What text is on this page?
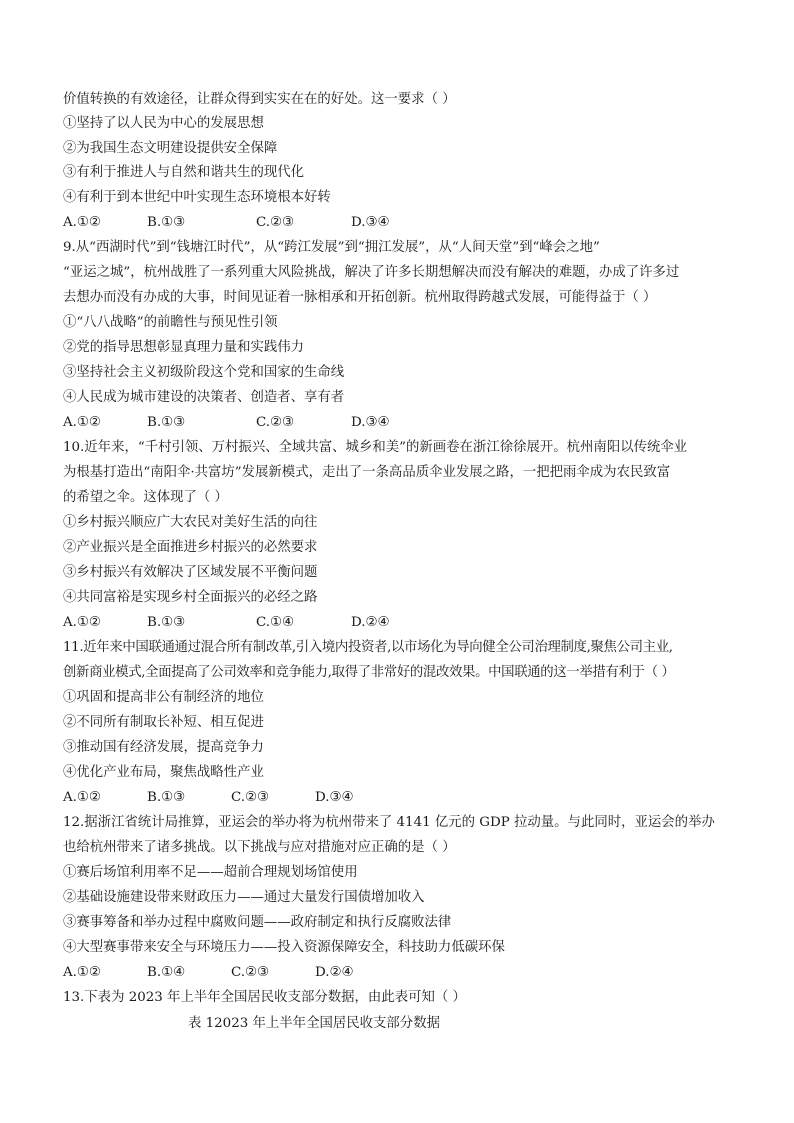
价值转换的有效途径，让群众得到实实在在的好处。这一要求（ ）
①坚持了以人民为中心的发展思想
②为我国生态文明建设提供安全保障
③有利于推进人与自然和谐共生的现代化
④有利于到本世纪中叶实现生态环境根本好转
A.①②	B.①③	C.②③	D.③④
9.从“西湖时代”到“钱塘江时代”，从“跨江发展”到“拥江发展”，从“人间天堂”到“峰会之地”
“亚运之城”，杭州战胜了一系列重大风险挑战，解决了许多长期想解决而没有解决的难题，办成了许多过
去想办而没有办成的大事，时间见证着一脉相承和开拓创新。杭州取得跨越式发展，可能得益于（ ）
①“八八战略”的前瞻性与预见性引领
②党的指导思想彰显真理力量和实践伟力
③坚持社会主义初级阶段这个党和国家的生命线
④人民成为城市建设的决策者、创造者、享有者
A.①②	B.①③	C.②③	D.③④
10.近年来，“千村引领、万村振兴、全域共富、城乡和美”的新画卷在浙江徐徐展开。杭州南阳以传统伞业
为根基打造出“南阳伞·共富坊”发展新模式，走出了一条高品质伞业发展之路，一把把雨伞成为农民致富
的希望之伞。这体现了（ ）
①乡村振兴顺应广大农民对美好生活的向往
②产业振兴是全面推进乡村振兴的必然要求
③乡村振兴有效解决了区域发展不平衡问题
④共同富裕是实现乡村全面振兴的必经之路
A.①②	B.①③	C.①④	D.②④
11.近年来中国联通通过混合所有制改革,引入境内投资者,以市场化为导向健全公司治理制度,聚焦公司主业,
创新商业模式,全面提高了公司效率和竞争能力,取得了非常好的混改效果。中国联通的这一举措有利于（ ）
①巩固和提高非公有制经济的地位
②不同所有制取长补短、相互促进
③推动国有经济发展，提高竞争力
④优化产业布局，聚焦战略性产业
A.①②	B.①③	C.②③	D.③④
12.据浙江省统计局推算，亚运会的举办将为杭州带来了 4141 亿元的 GDP 拉动量。与此同时，亚运会的举办
也给杭州带来了诸多挑战。以下挑战与应对措施对应正确的是（ ）
①赛后场馆利用率不足——超前合理规划场馆使用
②基础设施建设带来财政压力——通过大量发行国债增加收入
③赛事筹备和举办过程中腐败问题——政府制定和执行反腐败法律
④大型赛事带来安全与环境压力——投入资源保障安全，科技助力低碳环保
A.①②	B.①④	C.②③	D.②④
13.下表为 2023 年上半年全国居民收支部分数据，由此表可知（ ）
表 12023 年上半年全国居民收支部分数据
